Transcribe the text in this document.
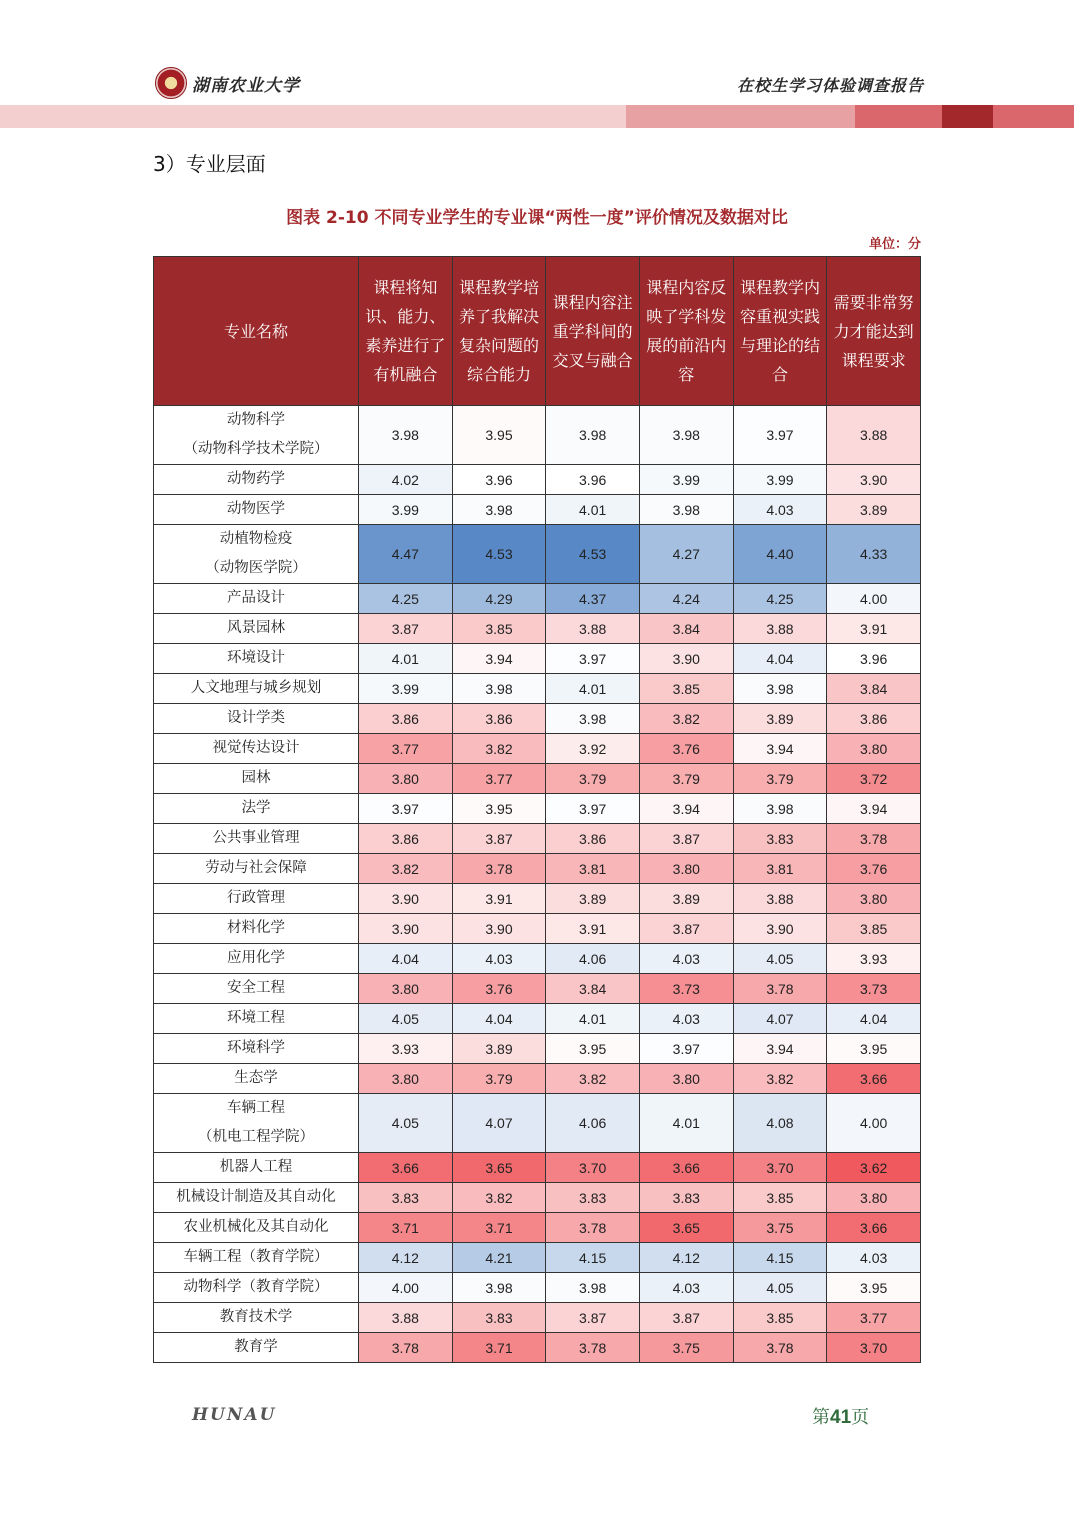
湖南农业大学	在校生学习体验调查报告
3）专业层面
图表 2-10 不同专业学生的专业课“两性一度”评价情况及数据对比
单位：分
专业名称	课程将知识、能力、素养进行了有机融合	课程教学培养了我解决复杂问题的综合能力	课程内容注重学科间的交叉与融合	课程内容反映了学科发展的前沿内容	课程教学内容重视实践与理论的结合	需要非常努力才能达到课程要求

动物科学
（动物科学技术学院）	3.98	3.95	3.98	3.98	3.97	3.88

动物药学	4.02	3.96	3.96	3.99	3.99	3.90

动物医学	3.99	3.98	4.01	3.98	4.03	3.89

动植物检疫
（动物医学院）	4.47	4.53	4.53	4.27	4.40	4.33

产品设计	4.25	4.29	4.37	4.24	4.25	4.00

风景园林	3.87	3.85	3.88	3.84	3.88	3.91

环境设计	4.01	3.94	3.97	3.90	4.04	3.96

人文地理与城乡规划	3.99	3.98	4.01	3.85	3.98	3.84

设计学类	3.86	3.86	3.98	3.82	3.89	3.86

视觉传达设计	3.77	3.82	3.92	3.76	3.94	3.80

园林	3.80	3.77	3.79	3.79	3.79	3.72

法学	3.97	3.95	3.97	3.94	3.98	3.94

公共事业管理	3.86	3.87	3.86	3.87	3.83	3.78

劳动与社会保障	3.82	3.78	3.81	3.80	3.81	3.76

行政管理	3.90	3.91	3.89	3.89	3.88	3.80

材料化学	3.90	3.90	3.91	3.87	3.90	3.85

应用化学	4.04	4.03	4.06	4.03	4.05	3.93

安全工程	3.80	3.76	3.84	3.73	3.78	3.73

环境工程	4.05	4.04	4.01	4.03	4.07	4.04

环境科学	3.93	3.89	3.95	3.97	3.94	3.95

生态学	3.80	3.79	3.82	3.80	3.82	3.66

车辆工程
（机电工程学院）	4.05	4.07	4.06	4.01	4.08	4.00

机器人工程	3.66	3.65	3.70	3.66	3.70	3.62

机械设计制造及其自动化	3.83	3.82	3.83	3.83	3.85	3.80

农业机械化及其自动化	3.71	3.71	3.78	3.65	3.75	3.66

车辆工程（教育学院）	4.12	4.21	4.15	4.12	4.15	4.03

动物科学（教育学院）	4.00	3.98	3.98	4.03	4.05	3.95

教育技术学	3.88	3.83	3.87	3.87	3.85	3.77

教育学	3.78	3.71	3.78	3.75	3.78	3.70
HUNAU	第41页
